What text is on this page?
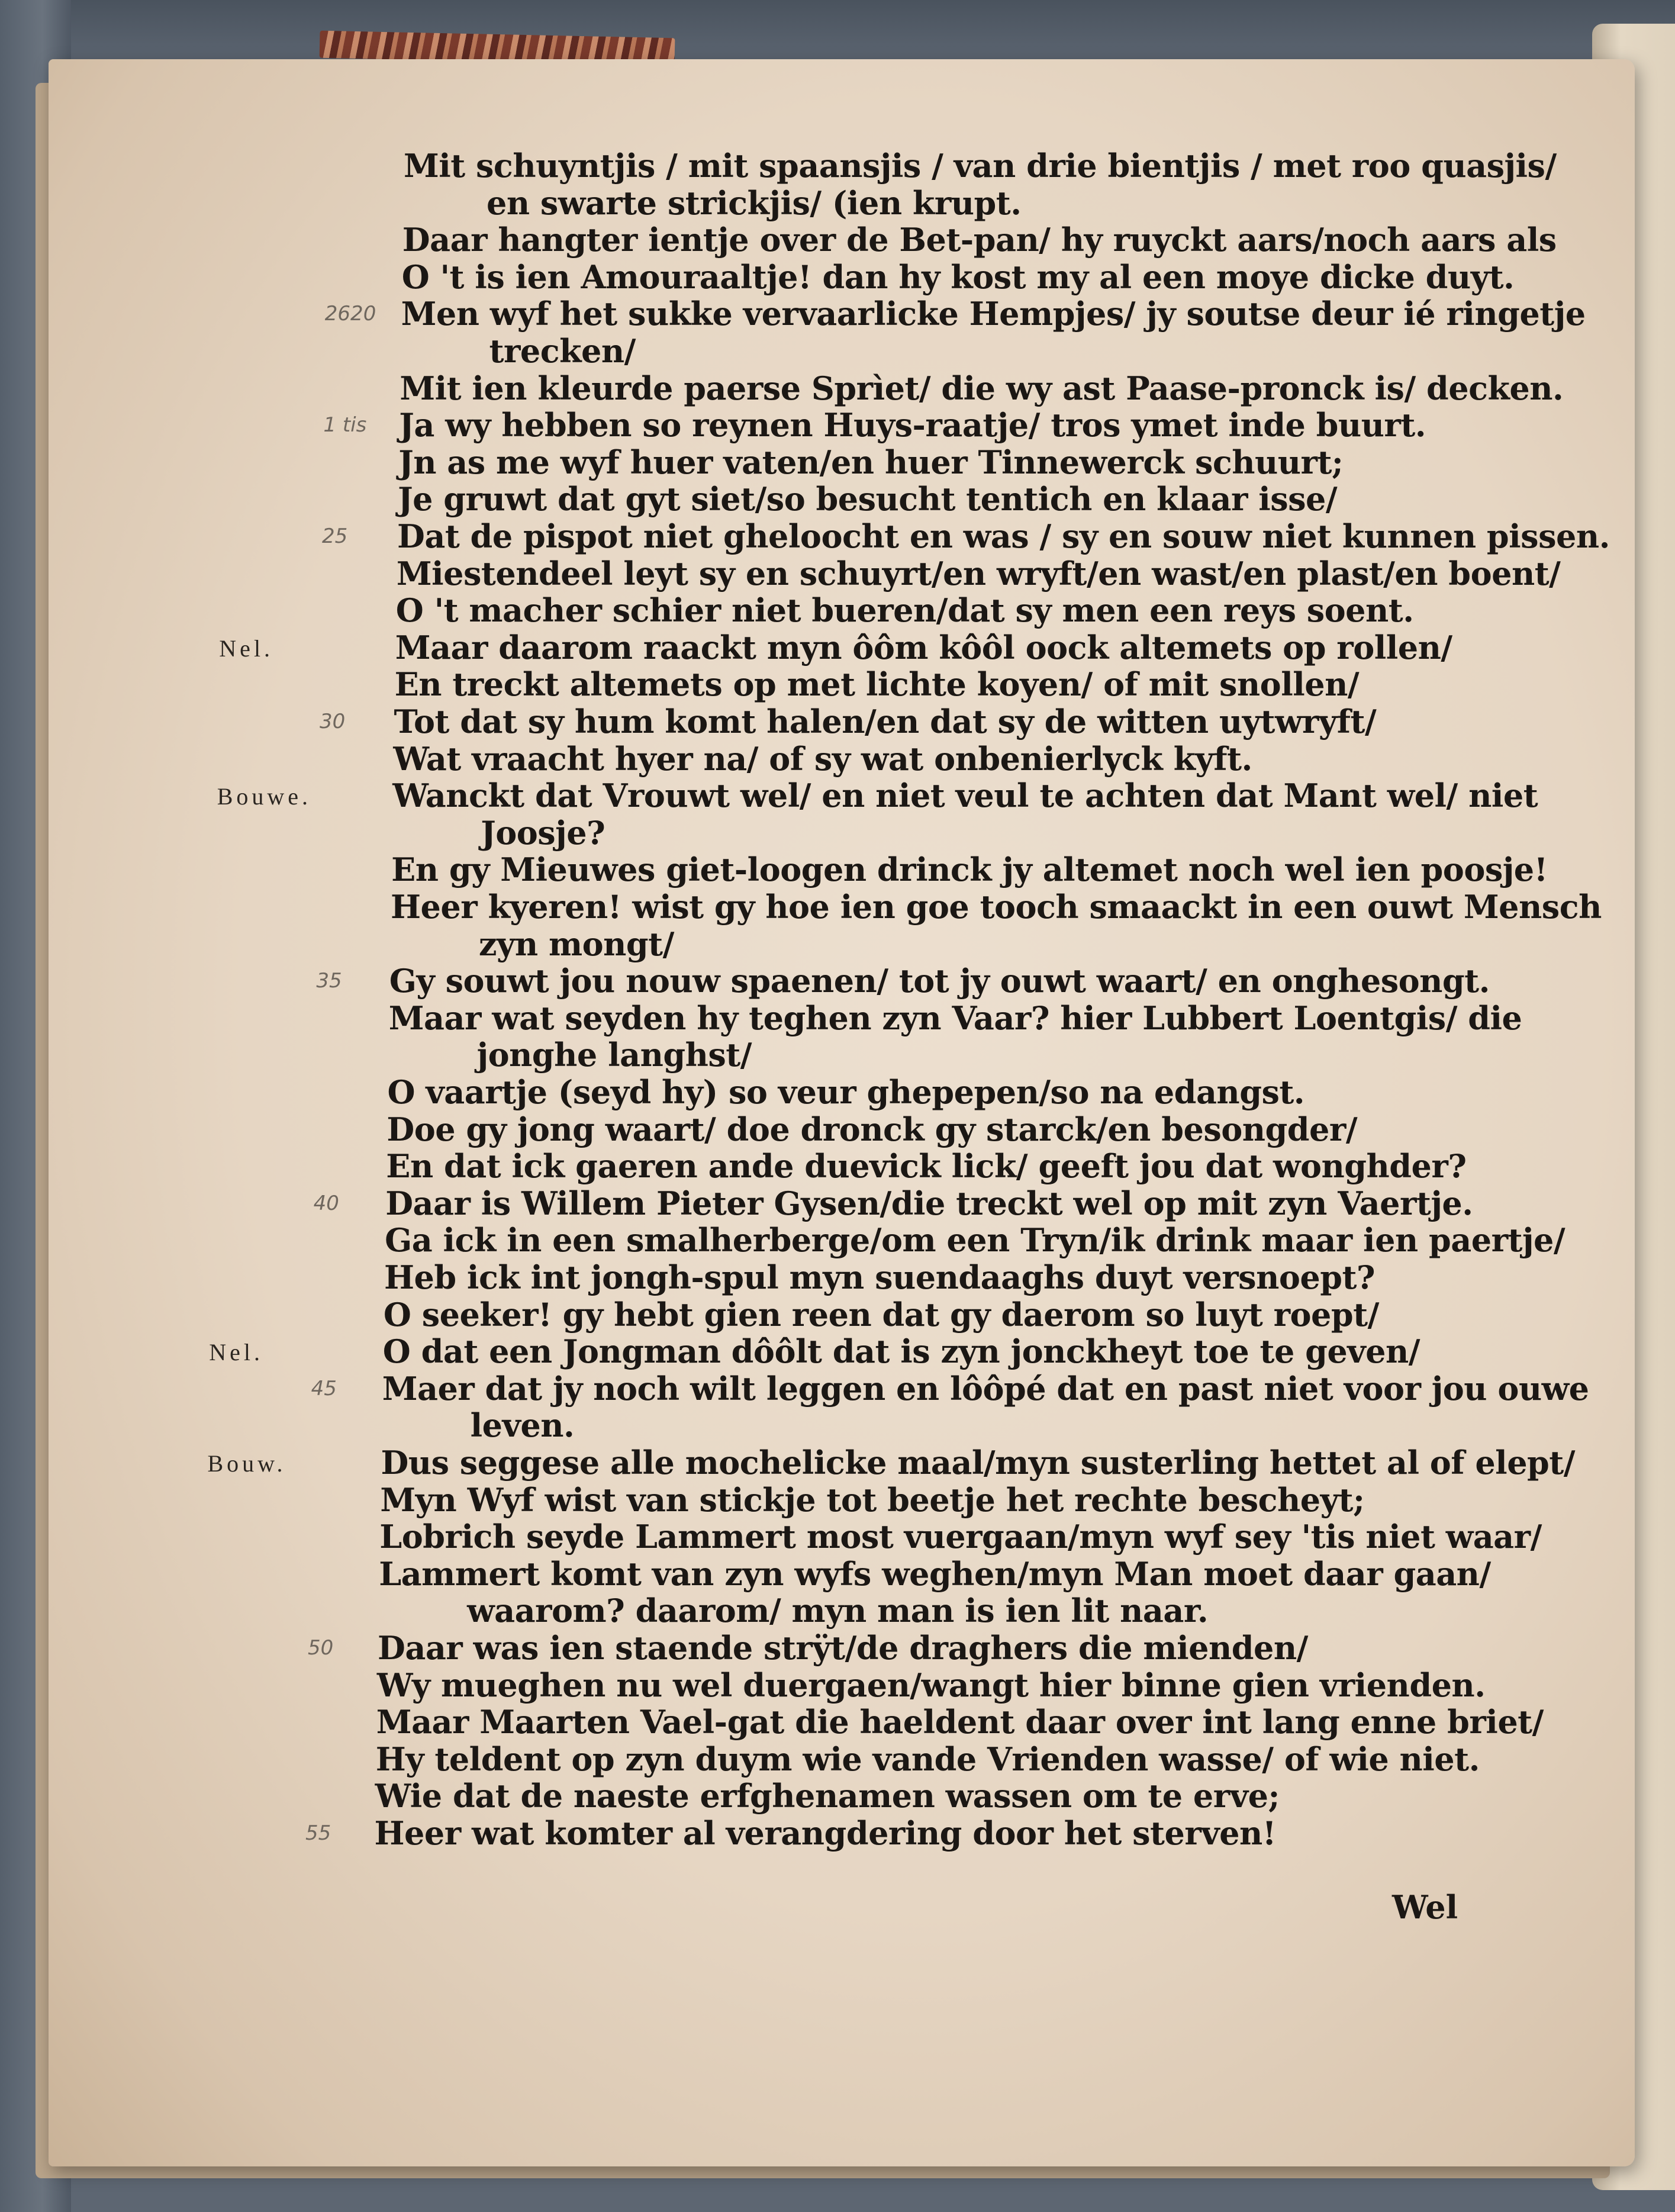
Mit schuyntjis / mit spaansjis / van drie bientjis / met roo quasjis/
en swarte strickjis/ (ien krupt.
Daar hangter ientje over de Bet-pan/ hy ruyckt aars/noch aars als
O 't is ien Amouraaltje! dan hy kost my al een moye dicke duyt.
Men wyf het sukke vervaarlicke Hempjes/ jy soutse deur ié ringetje
2620
trecken/
Mit ien kleurde paerse Sprìet/ die wy ast Paase-pronck is/ decken.
Ja wy hebben so reynen Huys-raatje/ tros ymet inde buurt.
1 tis
Jn as me wyf huer vaten/en huer Tinnewerck schuurt;
Je gruwt dat gyt siet/so besucht tentich en klaar isse/
Dat de pispot niet gheloocht en was / sy en souw niet kunnen pissen.
25
Miestendeel leyt sy en schuyrt/en wryft/en wast/en plast/en boent/
O 't macher schier niet bueren/dat sy men een reys soent.
Maar daarom raackt myn ôôm kôôl oock altemets op rollen/
Nel.
En treckt altemets op met lichte koyen/ of mit snollen/
Tot dat sy hum komt halen/en dat sy de witten uytwryft/
30
Wat vraacht hyer na/ of sy wat onbenierlyck kyft.
Wanckt dat Vrouwt wel/ en niet veul te achten dat Mant wel/ niet
Bouwe.
Joosje?
En gy Mieuwes giet-loogen drinck jy altemet noch wel ien poosje!
Heer kyeren! wist gy hoe ien goe tooch smaackt in een ouwt Mensch
zyn mongt/
Gy souwt jou nouw spaenen/ tot jy ouwt waart/ en onghesongt.
35
Maar wat seyden hy teghen zyn Vaar? hier Lubbert Loentgis/ die
jonghe langhst/
O vaartje (seyd hy) so veur ghepepen/so na edangst.
Doe gy jong waart/ doe dronck gy starck/en besongder/
En dat ick gaeren ande duevick lick/ geeft jou dat wonghder?
Daar is Willem Pieter Gysen/die treckt wel op mit zyn Vaertje.
40
Ga ick in een smalherberge/om een Tryn/ik drink maar ien paertje/
Heb ick int jongh-spul myn suendaaghs duyt versnoept?
O seeker! gy hebt gien reen dat gy daerom so luyt roept/
O dat een Jongman dôôlt dat is zyn jonckheyt toe te geven/
Nel.
Maer dat jy noch wilt leggen en lôôpé dat en past niet voor jou ouwe
45
leven.
Dus seggese alle mochelicke maal/myn susterling hettet al of elept/
Bouw.
Myn Wyf wist van stickje tot beetje het rechte bescheyt;
Lobrich seyde Lammert most vuergaan/myn wyf sey 'tis niet waar/
Lammert komt van zyn wyfs weghen/myn Man moet daar gaan/
waarom? daarom/ myn man is ien lit naar.
Daar was ien staende strÿt/de draghers die mienden/
50
Wy mueghen nu wel duergaen/wangt hier binne gien vrienden.
Maar Maarten Vael-gat die haeldent daar over int lang enne briet/
Hy teldent op zyn duym wie vande Vrienden wasse/ of wie niet.
Wie dat de naeste erfghenamen wassen om te erve;
Heer wat komter al verangdering door het sterven!
55
Wel
